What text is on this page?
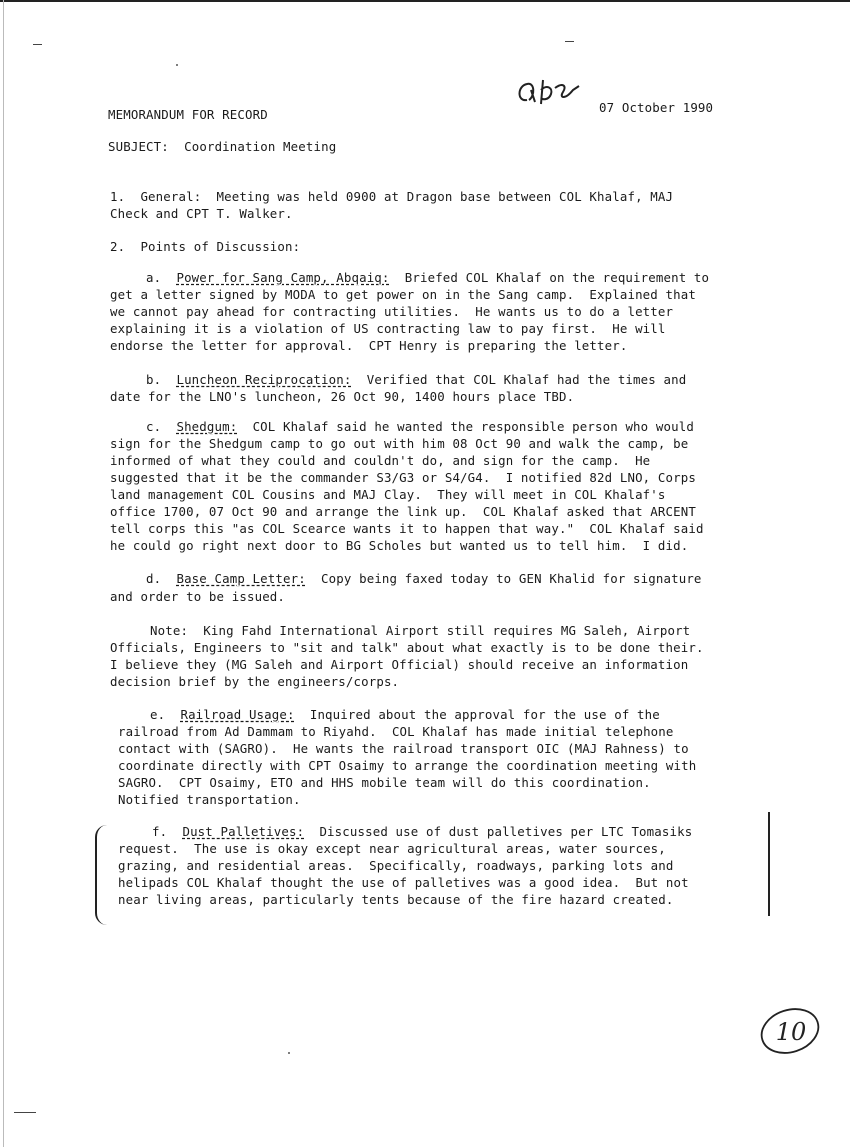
MEMORANDUM FOR RECORD	07 October 1990
SUBJECT: Coordination Meeting
1.  General:  Meeting was held 0900 at Dragon base between COL Khalaf, MAJ
Check and CPT T. Walker.
2.  Points of Discussion:
a.  Power for Sang Camp, Abqaiq:  Briefed COL Khalaf on the requirement to
get a letter signed by MODA to get power on in the Sang camp.  Explained that
we cannot pay ahead for contracting utilities.  He wants us to do a letter
explaining it is a violation of US contracting law to pay first.  He will
endorse the letter for approval.  CPT Henry is preparing the letter.
b.  Luncheon Reciprocation:  Verified that COL Khalaf had the times and
date for the LNO's luncheon, 26 Oct 90, 1400 hours place TBD.
c.  Shedgum:  COL Khalaf said he wanted the responsible person who would
sign for the Shedgum camp to go out with him 08 Oct 90 and walk the camp, be
informed of what they could and couldn't do, and sign for the camp.  He
suggested that it be the commander S3/G3 or S4/G4.  I notified 82d LNO, Corps
land management COL Cousins and MAJ Clay.  They will meet in COL Khalaf's
office 1700, 07 Oct 90 and arrange the link up.  COL Khalaf asked that ARCENT
tell corps this "as COL Scearce wants it to happen that way."  COL Khalaf said
he could go right next door to BG Scholes but wanted us to tell him.  I did.
d.  Base Camp Letter:  Copy being faxed today to GEN Khalid for signature
and order to be issued.
Note:  King Fahd International Airport still requires MG Saleh, Airport
Officials, Engineers to "sit and talk" about what exactly is to be done their.
I believe they (MG Saleh and Airport Official) should receive an information
decision brief by the engineers/corps.
e.  Railroad Usage:  Inquired about the approval for the use of the
railroad from Ad Dammam to Riyahd.  COL Khalaf has made initial telephone
contact with (SAGRO).  He wants the railroad transport OIC (MAJ Rahness) to
coordinate directly with CPT Osaimy to arrange the coordination meeting with
SAGRO.  CPT Osaimy, ETO and HHS mobile team will do this coordination.
Notified transportation.
f.  Dust Palletives:  Discussed use of dust palletives per LTC Tomasiks
request.  The use is okay except near agricultural areas, water sources,
grazing, and residential areas.  Specifically, roadways, parking lots and
helipads COL Khalaf thought the use of palletives was a good idea.  But not
near living areas, particularly tents because of the fire hazard created.
10
